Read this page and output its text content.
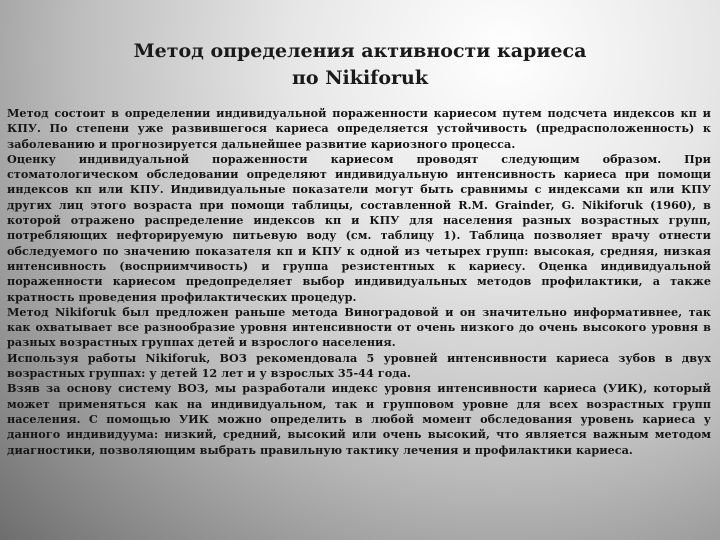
Метод определения активности кариеса
по Nikiforuk

Метод состоит в определении индивидуальной пораженности кариесом путем подсчета индексов кп и КПУ. По степени уже развившегося кариеса определяется устойчивость (предрасположенность) к заболеванию и прогнозируется дальнейшее развитие кариозного процесса.

Оценку индивидуальной пораженности кариесом проводят следующим образом. При стоматологическом обследовании определяют индивидуальную интенсивность кариеса при помощи индексов кп или КПУ. Индивидуальные показатели могут быть сравнимы с индексами кп или КПУ других лиц этого возраста при помощи таблицы, составленной R.M. Graindеr, G. Nikiforuk (1960), в которой отражено распределение индексов кп и КПУ для населения разных возрастных групп, потребляющих нефторируемую питьевую воду (см. таблицу 1). Таблица позволяет врачу отнести обследуемого по значению показателя кп и КПУ к одной из четырех групп: высокая, средняя, низкая интенсивность (восприимчивость) и группа резистентных к кариесу. Оценка индивидуальной пораженности кариесом предопределяет выбор индивидуальных методов профилактики, а также кратность проведения профилактических процедур.

Метод Nikiforuk был предложен раньше метода Виноградовой и он значительно информативнее, так как охватывает все разнообразие уровня интенсивности от очень низкого до очень высокого уровня в разных возрастных группах детей и взрослого населения.

Используя работы Nikiforuk, ВОЗ рекомендовала 5 уровней интенсивности кариеса зубов в двух возрастных группах: у детей 12 лет и у взрослых 35-44 года.

Взяв за основу систему ВОЗ, мы разработали индекс уровня интенсивности кариеса (УИК), который может применяться как на индивидуальном, так и групповом уровне для всех возрастных групп населения. С помощью УИК можно определить в любой момент обследования уровень кариеса у данного индивидуума: низкий, средний, высокий или очень высокий, что является важным методом диагностики, позволяющим выбрать правильную тактику лечения и профилактики кариеса.
